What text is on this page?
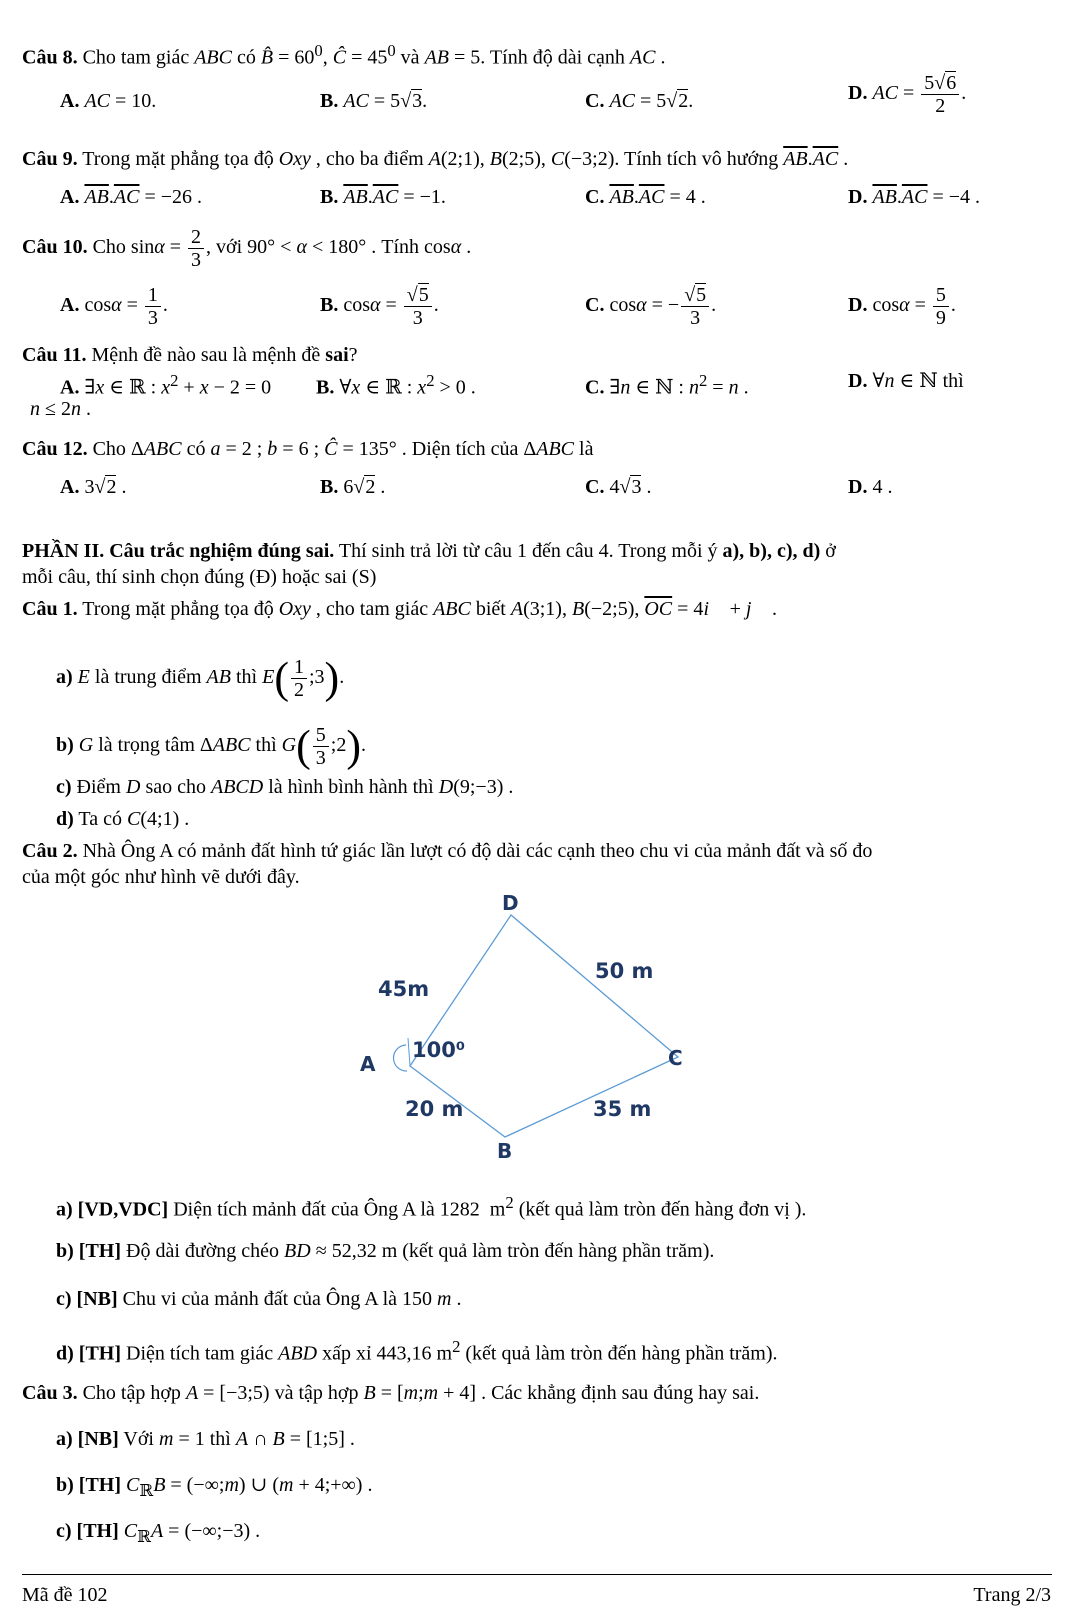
Câu 8. Cho tam giác ABC có B̂ = $60^0$, Ĉ = $45^0$ và AB = 5. Tính độ dài cạnh AC .
A. AC = 10.	B. AC = 5√3.	C. AC = 5√2.	D. AC = $\frac{5√6}{2}$ .
Câu 9. Trong mặt phẳng tọa độ Oxy , cho ba điểm A(2;1), B(2;5), C(−3;2). Tính tích vô hướng $\overline{AB}.\overline{AC}$ .
A. $\overline{AB}.\overline{AC} = -26$ .	B. $\overline{AB}.\overline{AC} = -1$.	C. $\overline{AB}.\overline{AC} = 4$ .	D. $\overline{AB}.\overline{AC} = -4$ .
Câu 10. Cho $\sin\alpha = \frac{2}{3}$ , với 90° < α < 180° . Tính cosα .
A. $\cos\alpha = \frac{1}{3}$ .	B. $\cos\alpha = \frac{√5}{3}$ .	C. cosα = − $\frac{√5}{3}$ .	D. $\cos\alpha = \frac{5}{9}$ .
Câu 11. Mệnh đề nào sau là mệnh đề sai?
A. ∃x ∈ ℝ : $x^2 + x - 2 = 0$ B. ∀x ∈ ℝ : $x^2 > 0$ .	C. ∃n ∈ ℕ : $n^2 = n$ .	D. ∀n ∈ ℕ thì
n ≤ 2n .
Câu 12. Cho ΔABC có a = 2 ; b = 6 ; Ĉ = 135° . Diện tích của ΔABC là
A. 3√2 .	B. 6√2 .	C. 4√3 .	D. 4 .
PHẦN II. Câu trắc nghiệm đúng sai. Thí sinh trả lời từ câu 1 đến câu 4. Trong mỗi ý a), b), c), d) ở
mỗi câu, thí sinh chọn đúng (Đ) hoặc sai (S)
Câu 1. Trong mặt phẳng tọa độ Oxy , cho tam giác ABC biết A(3;1), B(−2;5), $\overline{OC}$ = 4i⃗ + j⃗ .
a) E là trung điểm AB thì $E( \frac{1}{2}$ ;3).
b) G là trọng tâm ΔABC thì $G( \frac{5}{3}$ ;2).
c) Điểm D sao cho ABCD là hình bình hành thì D(9;−3) .
d) Ta có C(4;1) .
Câu 2. Nhà Ông A có mảnh đất hình tứ giác lần lượt có độ dài các cạnh theo chu vi của mảnh đất và số đo
của một góc như hình vẽ dưới đây.
D
A
B
C
45m
50 m
20 m	35 m
100⁰
a) [VD,VDC] Diện tích mảnh đất của Ông A là 1282  $m^2$ (kết quả làm tròn đến hàng đơn vị ).
b) [TH] Độ dài đường chéo BD ≈ 52,32 m (kết quả làm tròn đến hàng phần trăm).
c) [NB] Chu vi của mảnh đất của Ông A là 150 m .
d) [TH] Diện tích tam giác ABD xấp xỉ 443,16 $m^2$ (kết quả làm tròn đến hàng phần trăm).
Câu 3. Cho tập hợp A = [−3;5) và tập hợp B = [m;m + 4] . Các khẳng định sau đúng hay sai.
a) [NB] Với m = 1 thì A ∩ B = [1;5] .
b) [TH] $C_ℝB$ = (−∞;m) ∪ (m + 4;+∞) .
c) [TH] $C_ℝA$ = (−∞;−3) .
Mã đề 102	Trang 2/3
